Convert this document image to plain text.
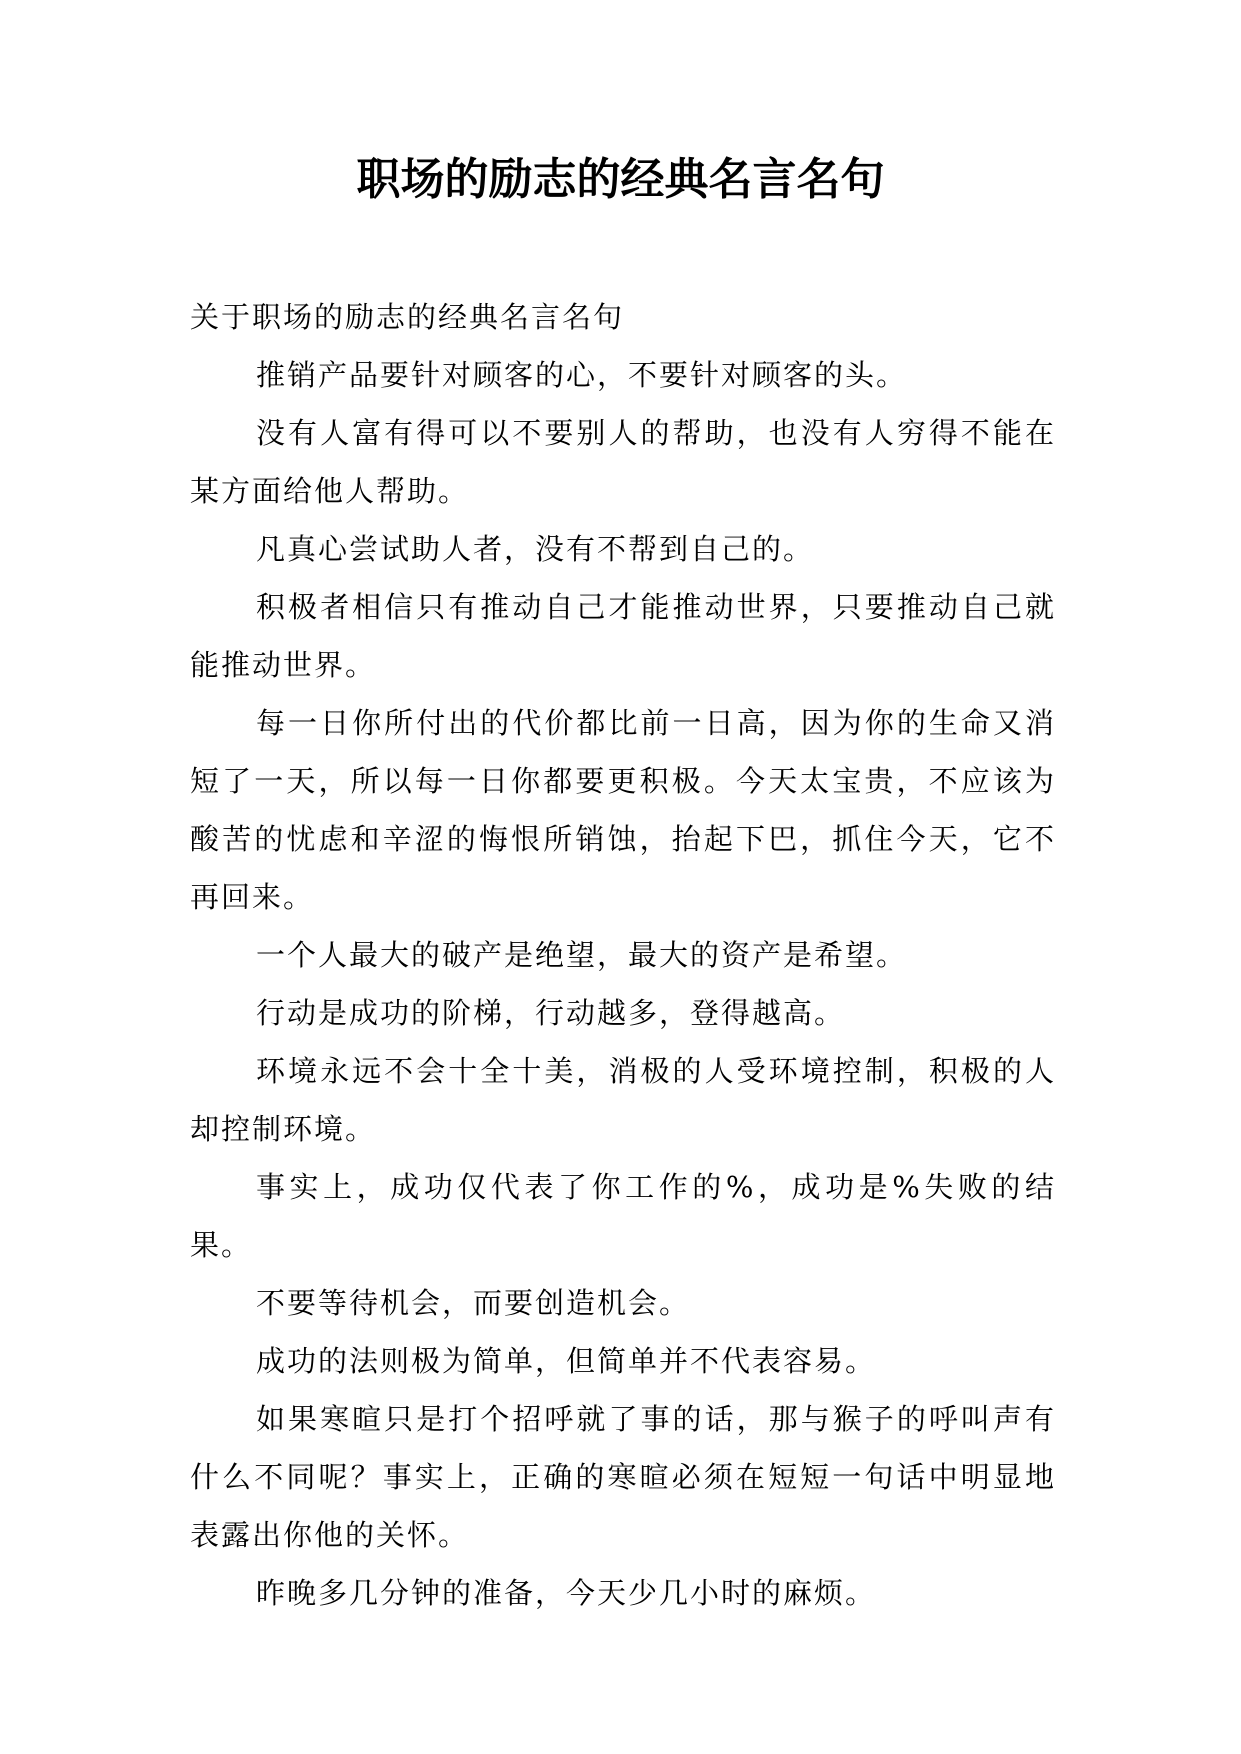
职场的励志的经典名言名句

关于职场的励志的经典名言名句

推销产品要针对顾客的心，不要针对顾客的头。

没有人富有得可以不要别人的帮助，也没有人穷得不能在某方面给他人帮助。

凡真心尝试助人者，没有不帮到自己的。

积极者相信只有推动自己才能推动世界，只要推动自己就能推动世界。

每一日你所付出的代价都比前一日高，因为你的生命又消短了一天，所以每一日你都要更积极。今天太宝贵，不应该为酸苦的忧虑和辛涩的悔恨所销蚀，抬起下巴，抓住今天，它不再回来。

一个人最大的破产是绝望，最大的资产是希望。

行动是成功的阶梯，行动越多，登得越高。

环境永远不会十全十美，消极的人受环境控制，积极的人却控制环境。

事实上，成功仅代表了你工作的%，成功是%失败的结果。

不要等待机会，而要创造机会。

成功的法则极为简单，但简单并不代表容易。

如果寒暄只是打个招呼就了事的话，那与猴子的呼叫声有什么不同呢？事实上，正确的寒暄必须在短短一句话中明显地表露出你他的关怀。

昨晚多几分钟的准备，今天少几小时的麻烦。
